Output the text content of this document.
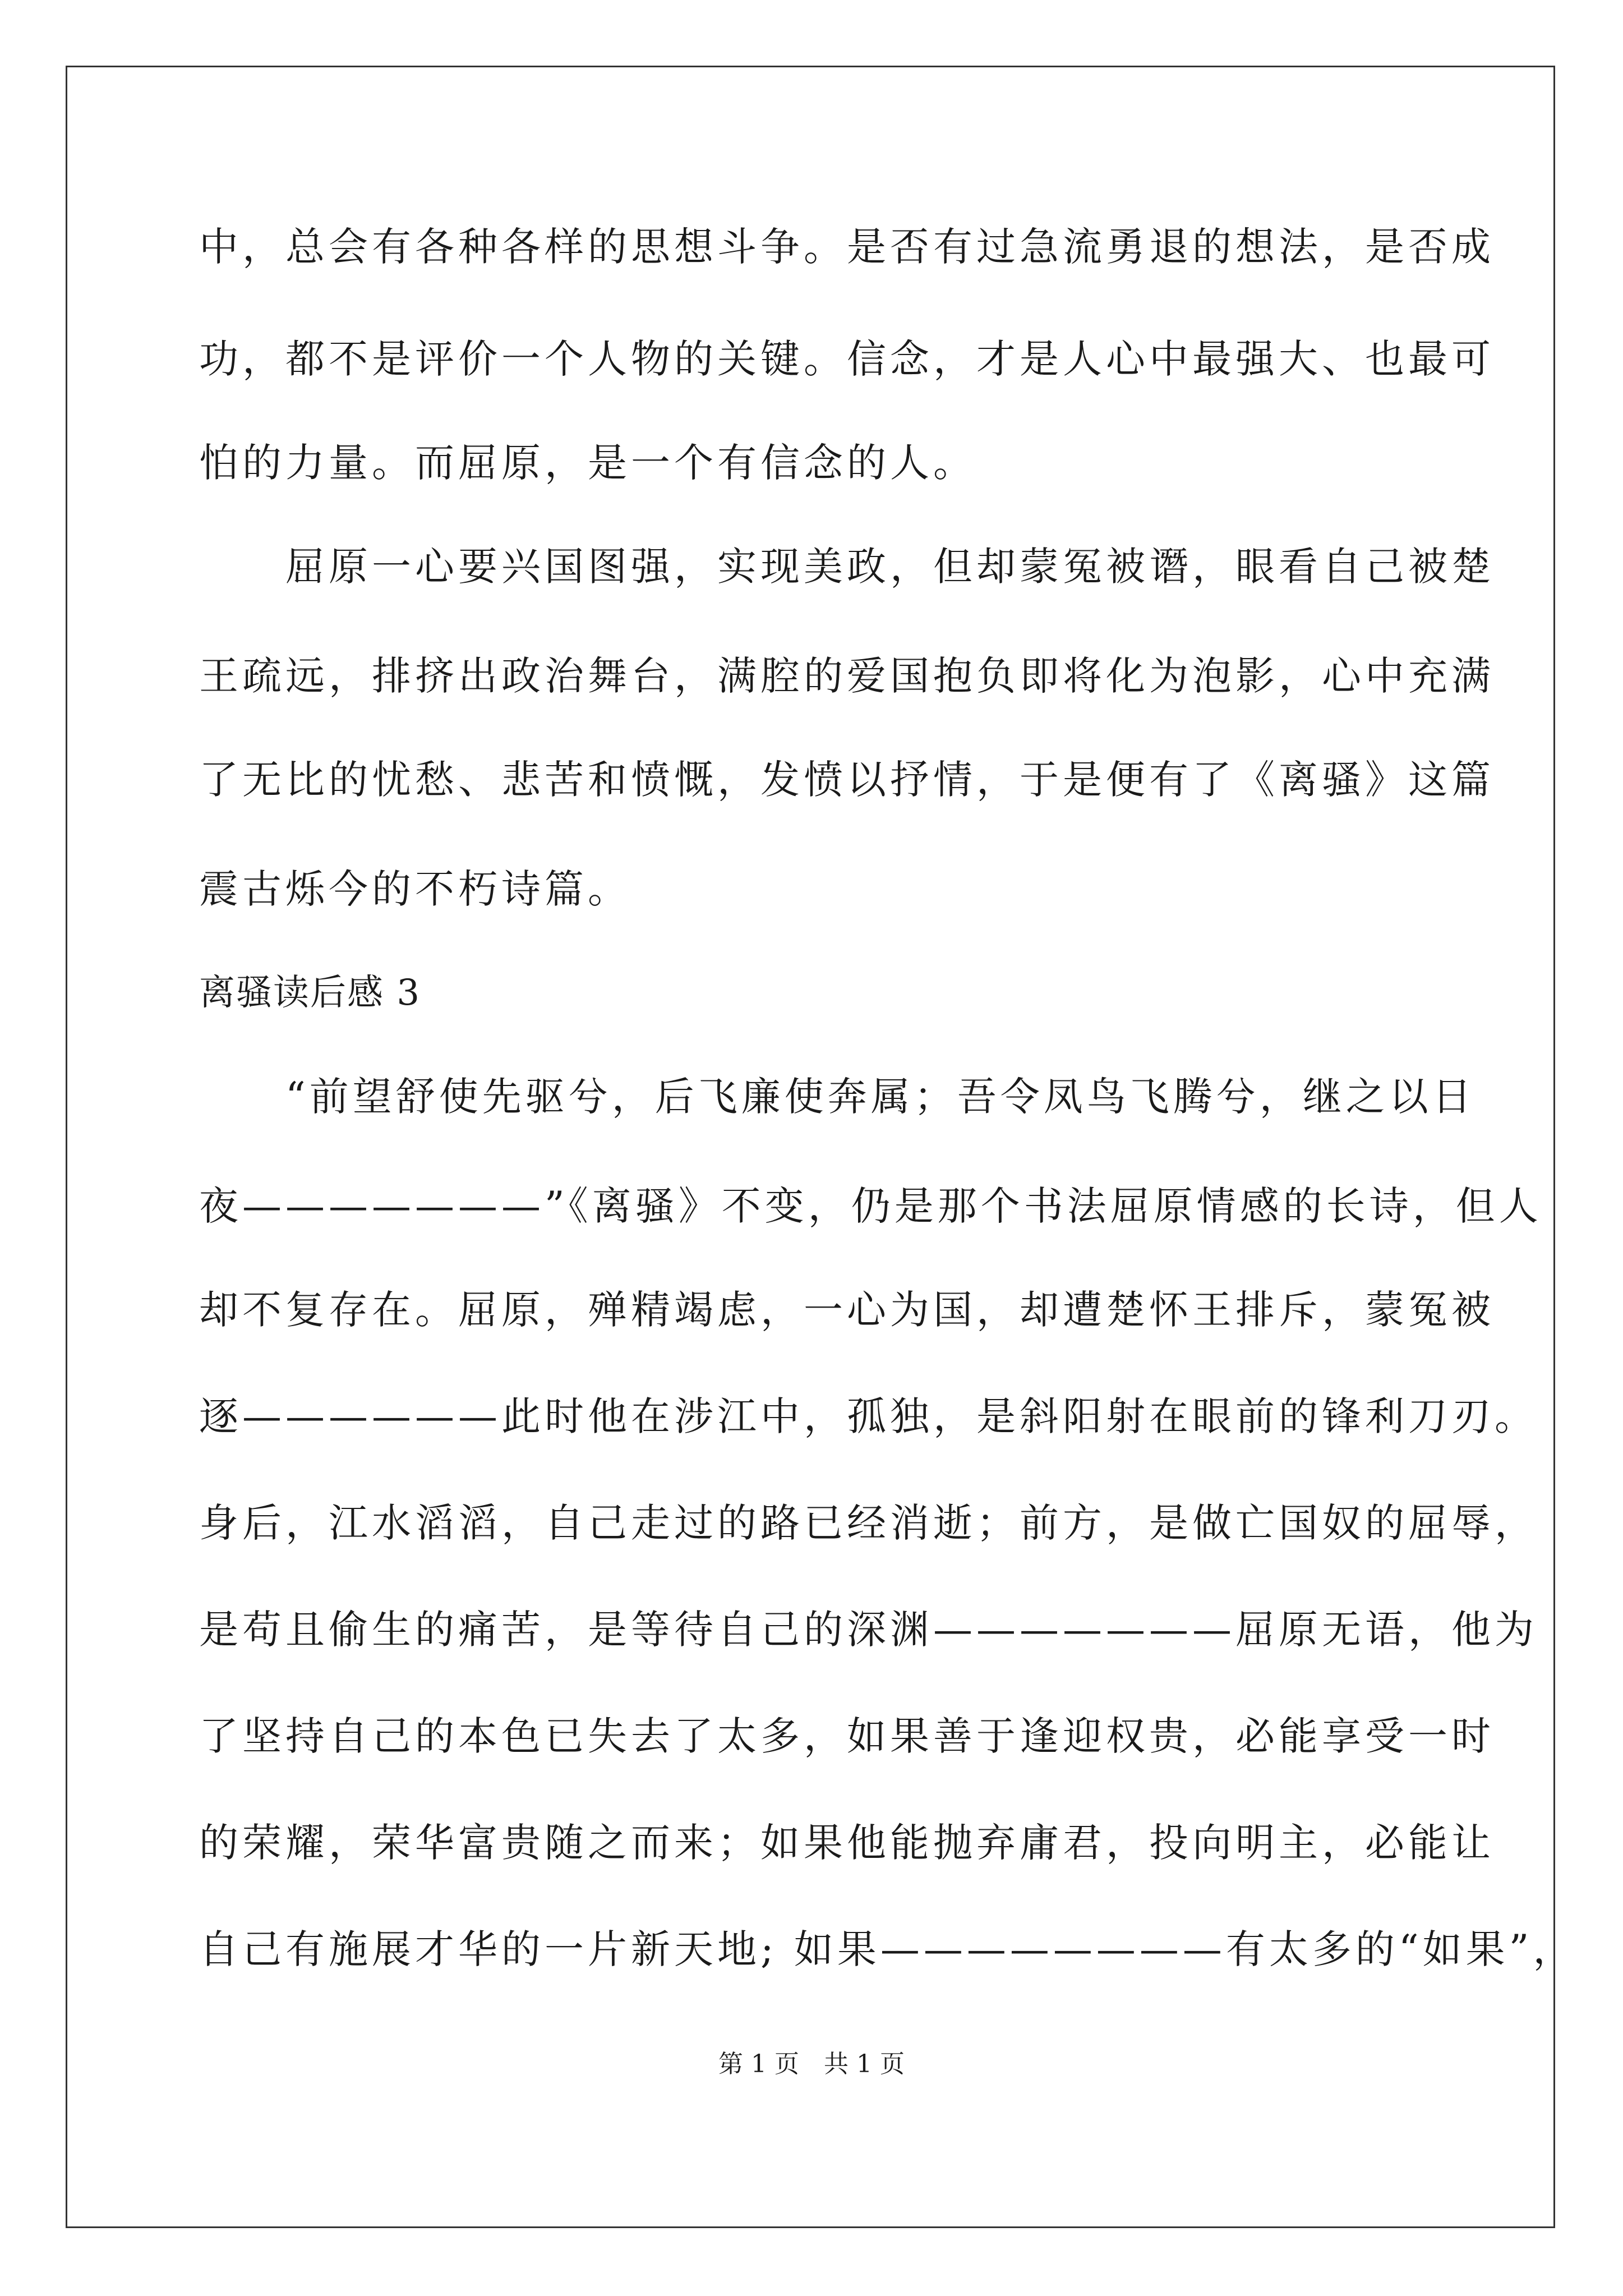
中，总会有各种各样的思想斗争。是否有过急流勇退的想法，是否成
功，都不是评价一个人物的关键。信念，才是人心中最强大、也最可
怕的力量。而屈原，是一个有信念的人。
　　屈原一心要兴国图强，实现美政，但却蒙冤被谮，眼看自己被楚
王疏远，排挤出政治舞台，满腔的爱国抱负即将化为泡影，心中充满
了无比的忧愁、悲苦和愤慨，发愤以抒情，于是便有了《离骚》这篇
震古烁今的不朽诗篇。
离骚读后感 3
　　“前望舒使先驱兮，后飞廉使奔属；吾令凤鸟飞腾兮，继之以日
夜———————”《离骚》不变，仍是那个书法屈原情感的长诗，但人
却不复存在。屈原，殚精竭虑，一心为国，却遭楚怀王排斥，蒙冤被
逐——————此时他在涉江中，孤独，是斜阳射在眼前的锋利刀刃。
身后，江水滔滔，自己走过的路已经消逝；前方，是做亡国奴的屈辱，
是苟且偷生的痛苦，是等待自己的深渊———————屈原无语，他为
了坚持自己的本色已失去了太多，如果善于逢迎权贵，必能享受一时
的荣耀，荣华富贵随之而来；如果他能抛弃庸君，投向明主，必能让
自己有施展才华的一片新天地; 如果————————有太多的“如果”，
第 1 页　共 1 页
